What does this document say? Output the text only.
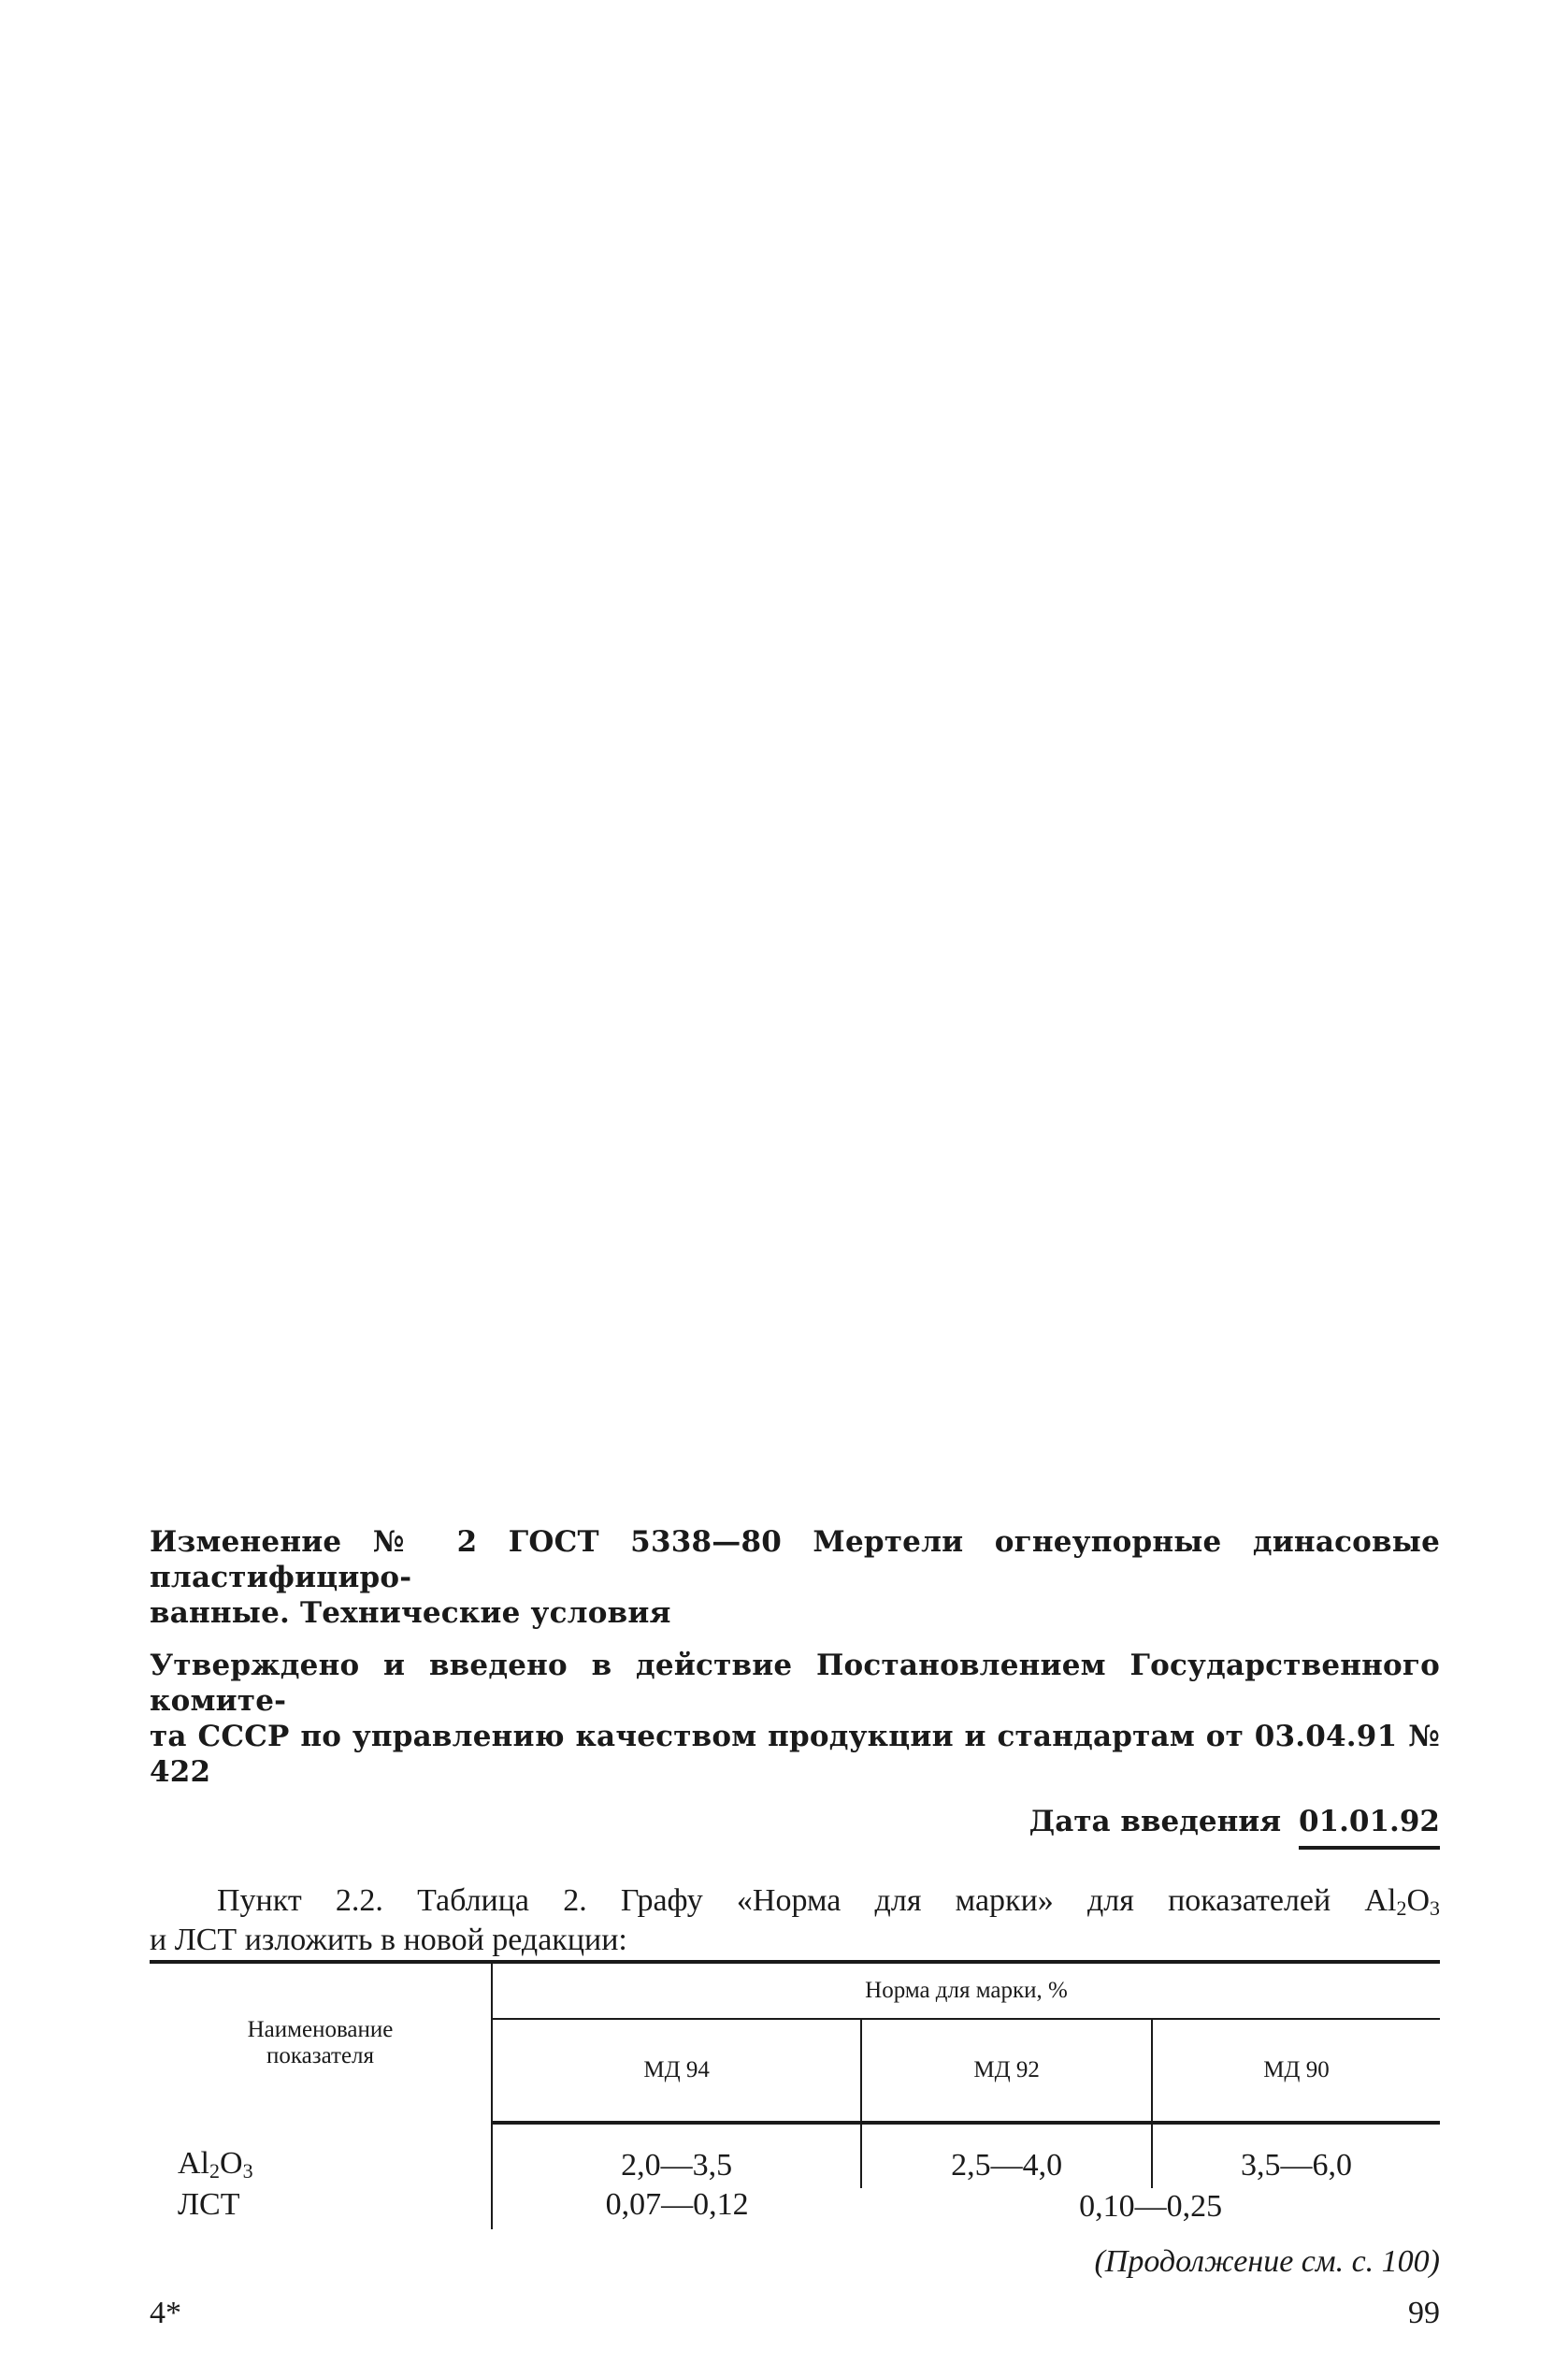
Изменение № 2 ГОСТ 5338—80 Мертели огнеупорные динасовые пластифициро-
ванные. Технические условия
Утверждено и введено в действие Постановлением Государственного комите-
та СССР по управлению качеством продукции и стандартам от 03.04.91 № 422
Дата введения 01.01.92
Пункт 2.2. Таблица 2. Графу «Норма для марки» для показателей $Al_2O_3$
и ЛСТ изложить в новой редакции:
Наименование
показателя	Норма для марки, %		
	МД 94	МД 92	МД 90
$Al_2O_3$	2,0—3,5	2,5—4,0	3,5—6,0
ЛСТ	0,07—0,12	0,10—0,25	
(Продолжение см. с. 100)
4*	99
